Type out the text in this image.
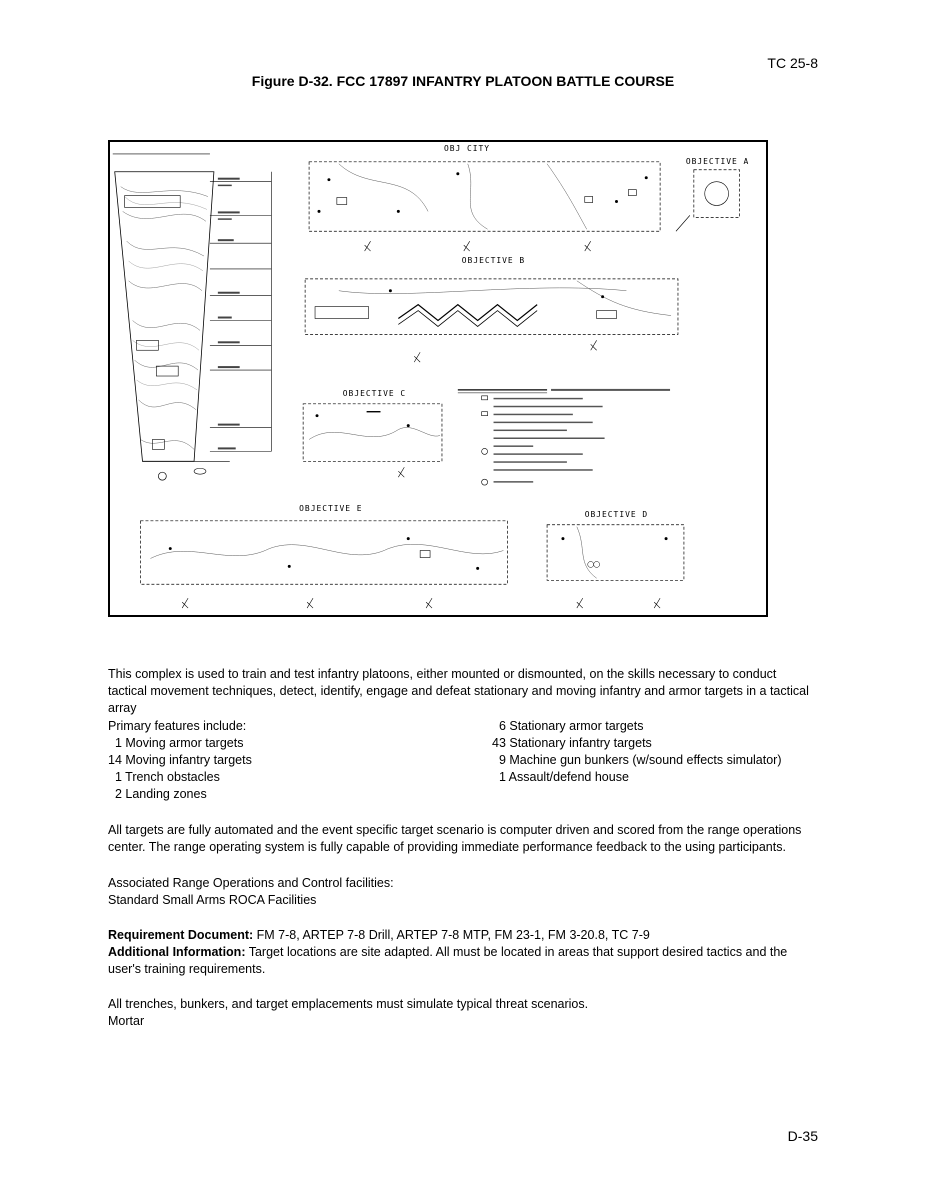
TC 25-8
Figure D-32. FCC 17897 INFANTRY PLATOON BATTLE COURSE
OBJ CITY
OBJECTIVE A
OBJECTIVE B
OBJECTIVE C
OBJECTIVE E
OBJECTIVE D
This complex is used to train and test infantry platoons, either mounted or dismounted, on the skills necessary to conduct tactical movement techniques, detect, identify, engage and defeat stationary and moving infantry and armor targets in a tactical array
Primary features include:
1 Moving armor targets
14 Moving infantry targets
1 Trench obstacles
2 Landing zones
6 Stationary armor targets
43 Stationary infantry targets
9 Machine gun bunkers (w/sound effects simulator)
1 Assault/defend house
All targets are fully automated and the event specific target scenario is computer driven and scored from the range operations center. The range operating system is fully capable of providing immediate performance feedback to the using participants.
Associated Range Operations and Control facilities:
Standard Small Arms ROCA Facilities
Requirement Document: FM 7-8, ARTEP 7-8 Drill, ARTEP 7-8 MTP, FM 23-1, FM 3-20.8, TC 7-9
Additional Information: Target locations are site adapted. All must be located in areas that support desired tactics and the user's training requirements.
All trenches, bunkers, and target emplacements must simulate typical threat scenarios.
Mortar
D-35
